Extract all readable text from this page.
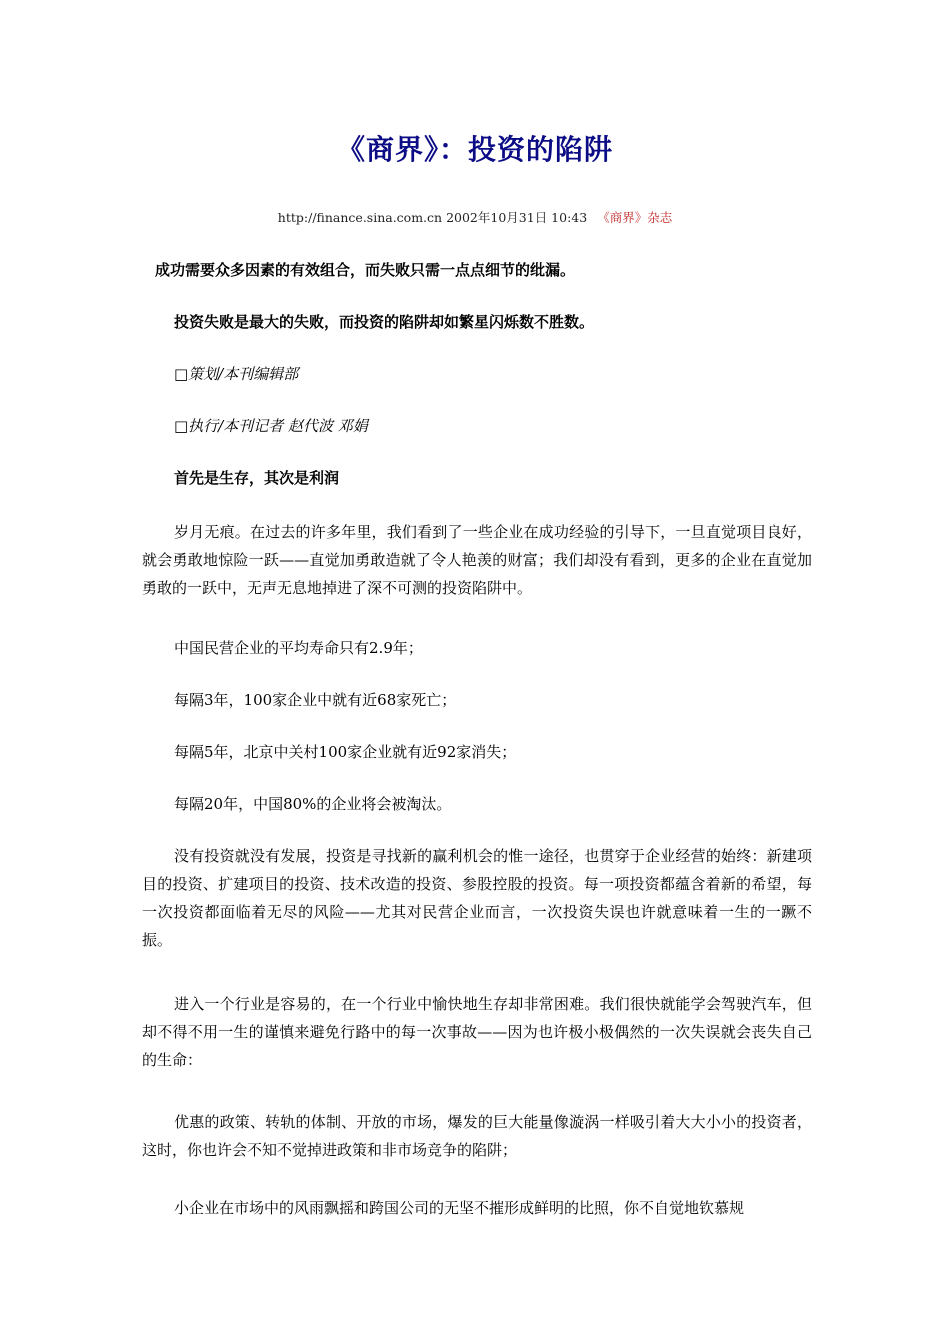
《商界》：投资的陷阱
http://finance.sina.com.cn 2002年10月31日 10:43 《商界》杂志
成功需要众多因素的有效组合，而失败只需一点点细节的纰漏。
投资失败是最大的失败，而投资的陷阱却如繁星闪烁数不胜数。
□策划/本刊编辑部
□执行/本刊记者 赵代波 邓娟
首先是生存，其次是利润
岁月无痕。在过去的许多年里，我们看到了一些企业在成功经验的引导下，一旦直觉项目良好，就会勇敢地惊险一跃——直觉加勇敢造就了令人艳羡的财富；我们却没有看到，更多的企业在直觉加勇敢的一跃中，无声无息地掉进了深不可测的投资陷阱中。
中国民营企业的平均寿命只有2.9年；
每隔3年，100家企业中就有近68家死亡；
每隔5年，北京中关村100家企业就有近92家消失；
每隔20年，中国80%的企业将会被淘汰。
没有投资就没有发展，投资是寻找新的赢利机会的惟一途径，也贯穿于企业经营的始终：新建项目的投资、扩建项目的投资、技术改造的投资、参股控股的投资。每一项投资都蕴含着新的希望，每一次投资都面临着无尽的风险——尤其对民营企业而言，一次投资失误也许就意味着一生的一蹶不振。
进入一个行业是容易的，在一个行业中愉快地生存却非常困难。我们很快就能学会驾驶汽车，但却不得不用一生的谨慎来避免行路中的每一次事故——因为也许极小极偶然的一次失误就会丧失自己的生命：
优惠的政策、转轨的体制、开放的市场，爆发的巨大能量像漩涡一样吸引着大大小小的投资者，这时，你也许会不知不觉掉进政策和非市场竞争的陷阱；
小企业在市场中的风雨飘摇和跨国公司的无坚不摧形成鲜明的比照，你不自觉地钦慕规
